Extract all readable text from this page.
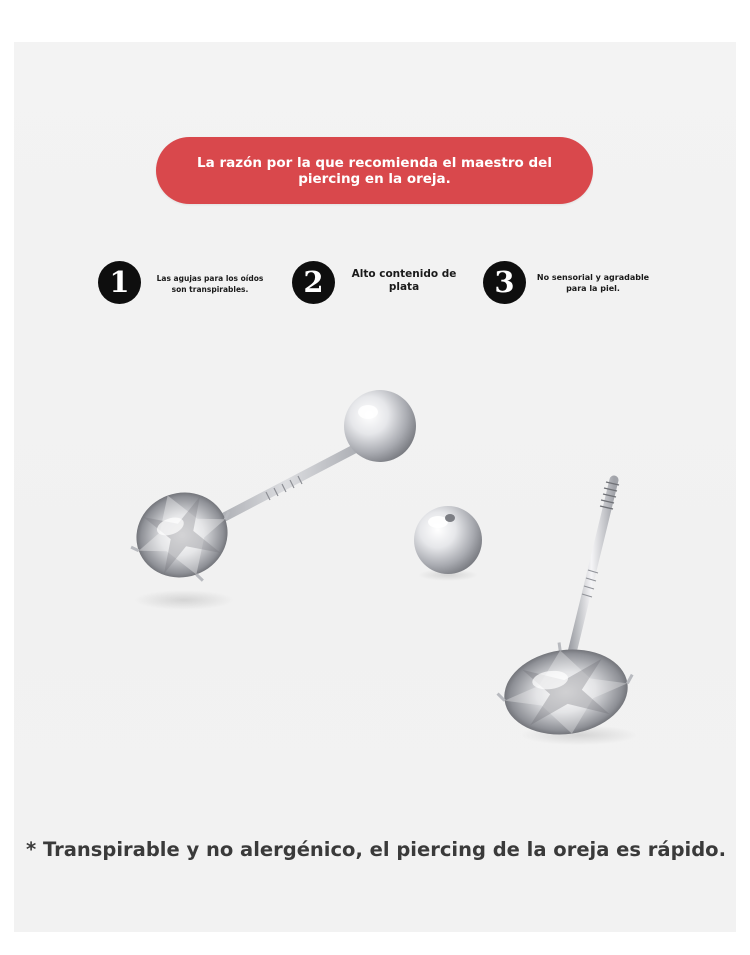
La razón por la que recomienda el maestro del piercing en la oreja.
1	Las agujas para los oídos son transpirables.	2	Alto contenido de plata	3	No sensorial y agradable para la piel.
* Transpirable y no alergénico, el piercing de la oreja es rápido.
